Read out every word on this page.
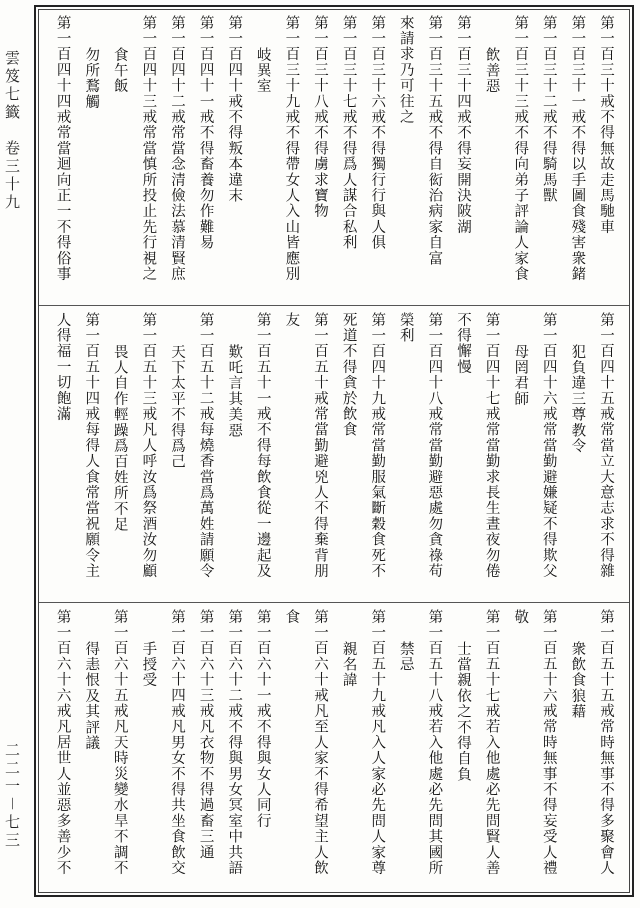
雲笈七籤　卷三十九
二二一－七三
第一百三十戒不得無故走馬馳車
第一百三十一戒不得以手圖食殘害衆鍺
第一百三十二戒不得騎馬獸
第一百三十三戒不得向弟子評論人家食
飲善惡
第一百三十四戒不得妄開決陂湖
第一百三十五戒不得自衒治病家自富
來請求乃可往之
第一百三十六戒不得獨行行與人俱
第一百三十七戒不得爲人謀合私利
第一百三十八戒不得虜求寶物
第一百三十九戒不得帶女人入山皆應別
岐異室
第一百四十戒不得叛本違末
第一百四十一戒不得畜養勿作難易
第一百四十二戒常當念清儉法慕清賢庶
第一百四十三戒常當慎所投止先行視之
食午飯
勿所鶩觸
第一百四十四戒常當迴向正一不得俗事
第一百四十五戒常當立大意志求不得雜
犯負違三尊教令
第一百四十六戒常當勤避嫌疑不得欺父
母罔君師
第一百四十七戒常當勤求長生晝夜勿倦
不得懈慢
第一百四十八戒常當勤避惡處勿貪祿苟
榮利
第一百四十九戒常當勤服氣斷穀食死不
死道不得貪於飲食
第一百五十戒常當勤避兇人不得棄背朋
友
第一百五十一戒不得每飲食從一邊起及
歎吒言其美惡
第一百五十二戒每燒香當爲萬姓請願令
天下太平不得爲己
第一百五十三戒凡人呼汝爲祭酒汝勿顧
畏人自作輕躁爲百姓所不足
第一百五十四戒每得人食常當祝願令主
人得福一切飽滿
第一百五十五戒常時無事不得多聚會人
衆飲食狼藉
第一百五十六戒常時無事不得妄受人禮
敬
第一百五十七戒若入他處必先問賢人善
士當親依之不得自負
第一百五十八戒若入他處必先問其國所
禁忌
第一百五十九戒凡入人家必先問人家尊
親名諱
第一百六十戒凡至人家不得希望主人飲
食
第一百六十一戒不得與女人同行
第一百六十二戒不得與男女冥室中共語
第一百六十三戒凡衣物不得過畜三通
第一百六十四戒凡男女不得共坐食飲交
手授受
第一百六十五戒凡天時災變水旱不調不
得恚恨及其評議
第一百六十六戒凡居世人並惡多善少不
